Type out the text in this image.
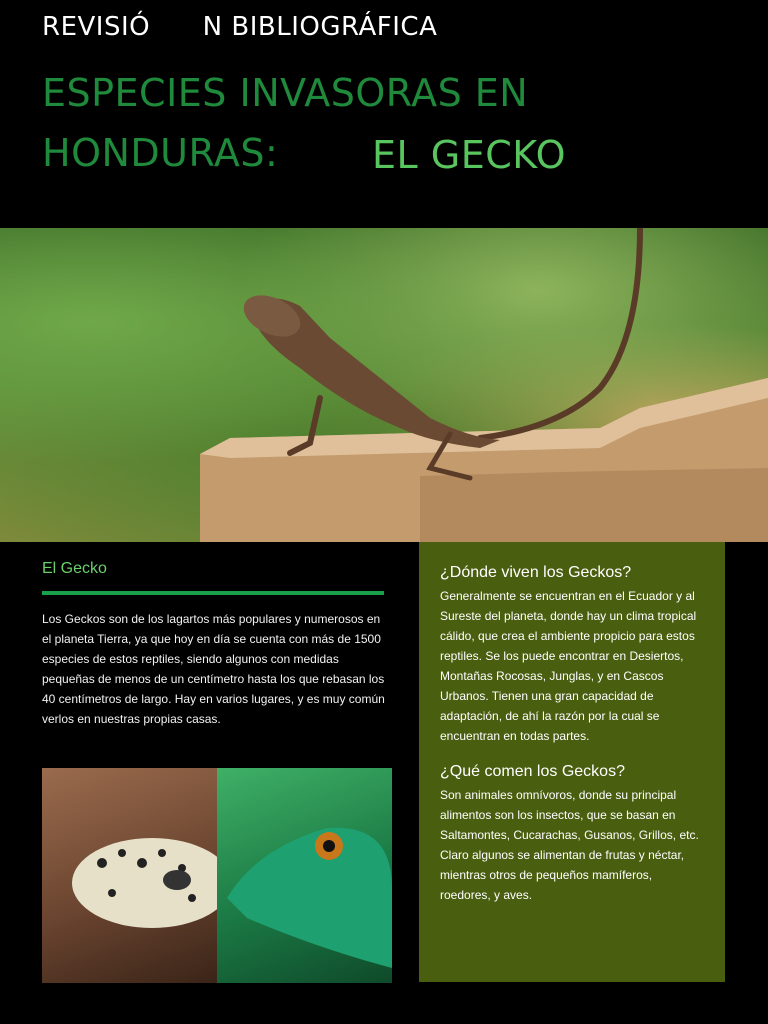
REVISIÓ      N BIBLIOGRÁFICA
ESPECIES INVASORAS EN
HONDURAS:	EL GECKO
El Gecko
Los Geckos son de los lagartos más populares y numerosos en el planeta Tierra, ya que hoy en día se cuenta con más de 1500 especies de estos reptiles, siendo algunos con medidas pequeñas de menos de un centímetro hasta los que rebasan los 40 centímetros de largo. Hay en varios lugares, y es muy común verlos en nuestras propias casas.
¿Dónde viven los Geckos?
Generalmente se encuentran en el Ecuador y al Sureste del planeta, donde hay un clima tropical cálido, que crea el ambiente propicio para estos reptiles. Se los puede encontrar en Desiertos, Montañas Rocosas, Junglas, y en Cascos Urbanos. Tienen una gran capacidad de adaptación, de ahí la razón por la cual se encuentran en todas partes.
¿Qué comen los Geckos?
Son animales omnívoros, donde su principal alimentos son los insectos, que se basan en Saltamontes, Cucarachas, Gusanos, Grillos, etc. Claro algunos se alimentan de frutas y néctar, mientras otros de pequeños mamíferos, roedores, y aves.
